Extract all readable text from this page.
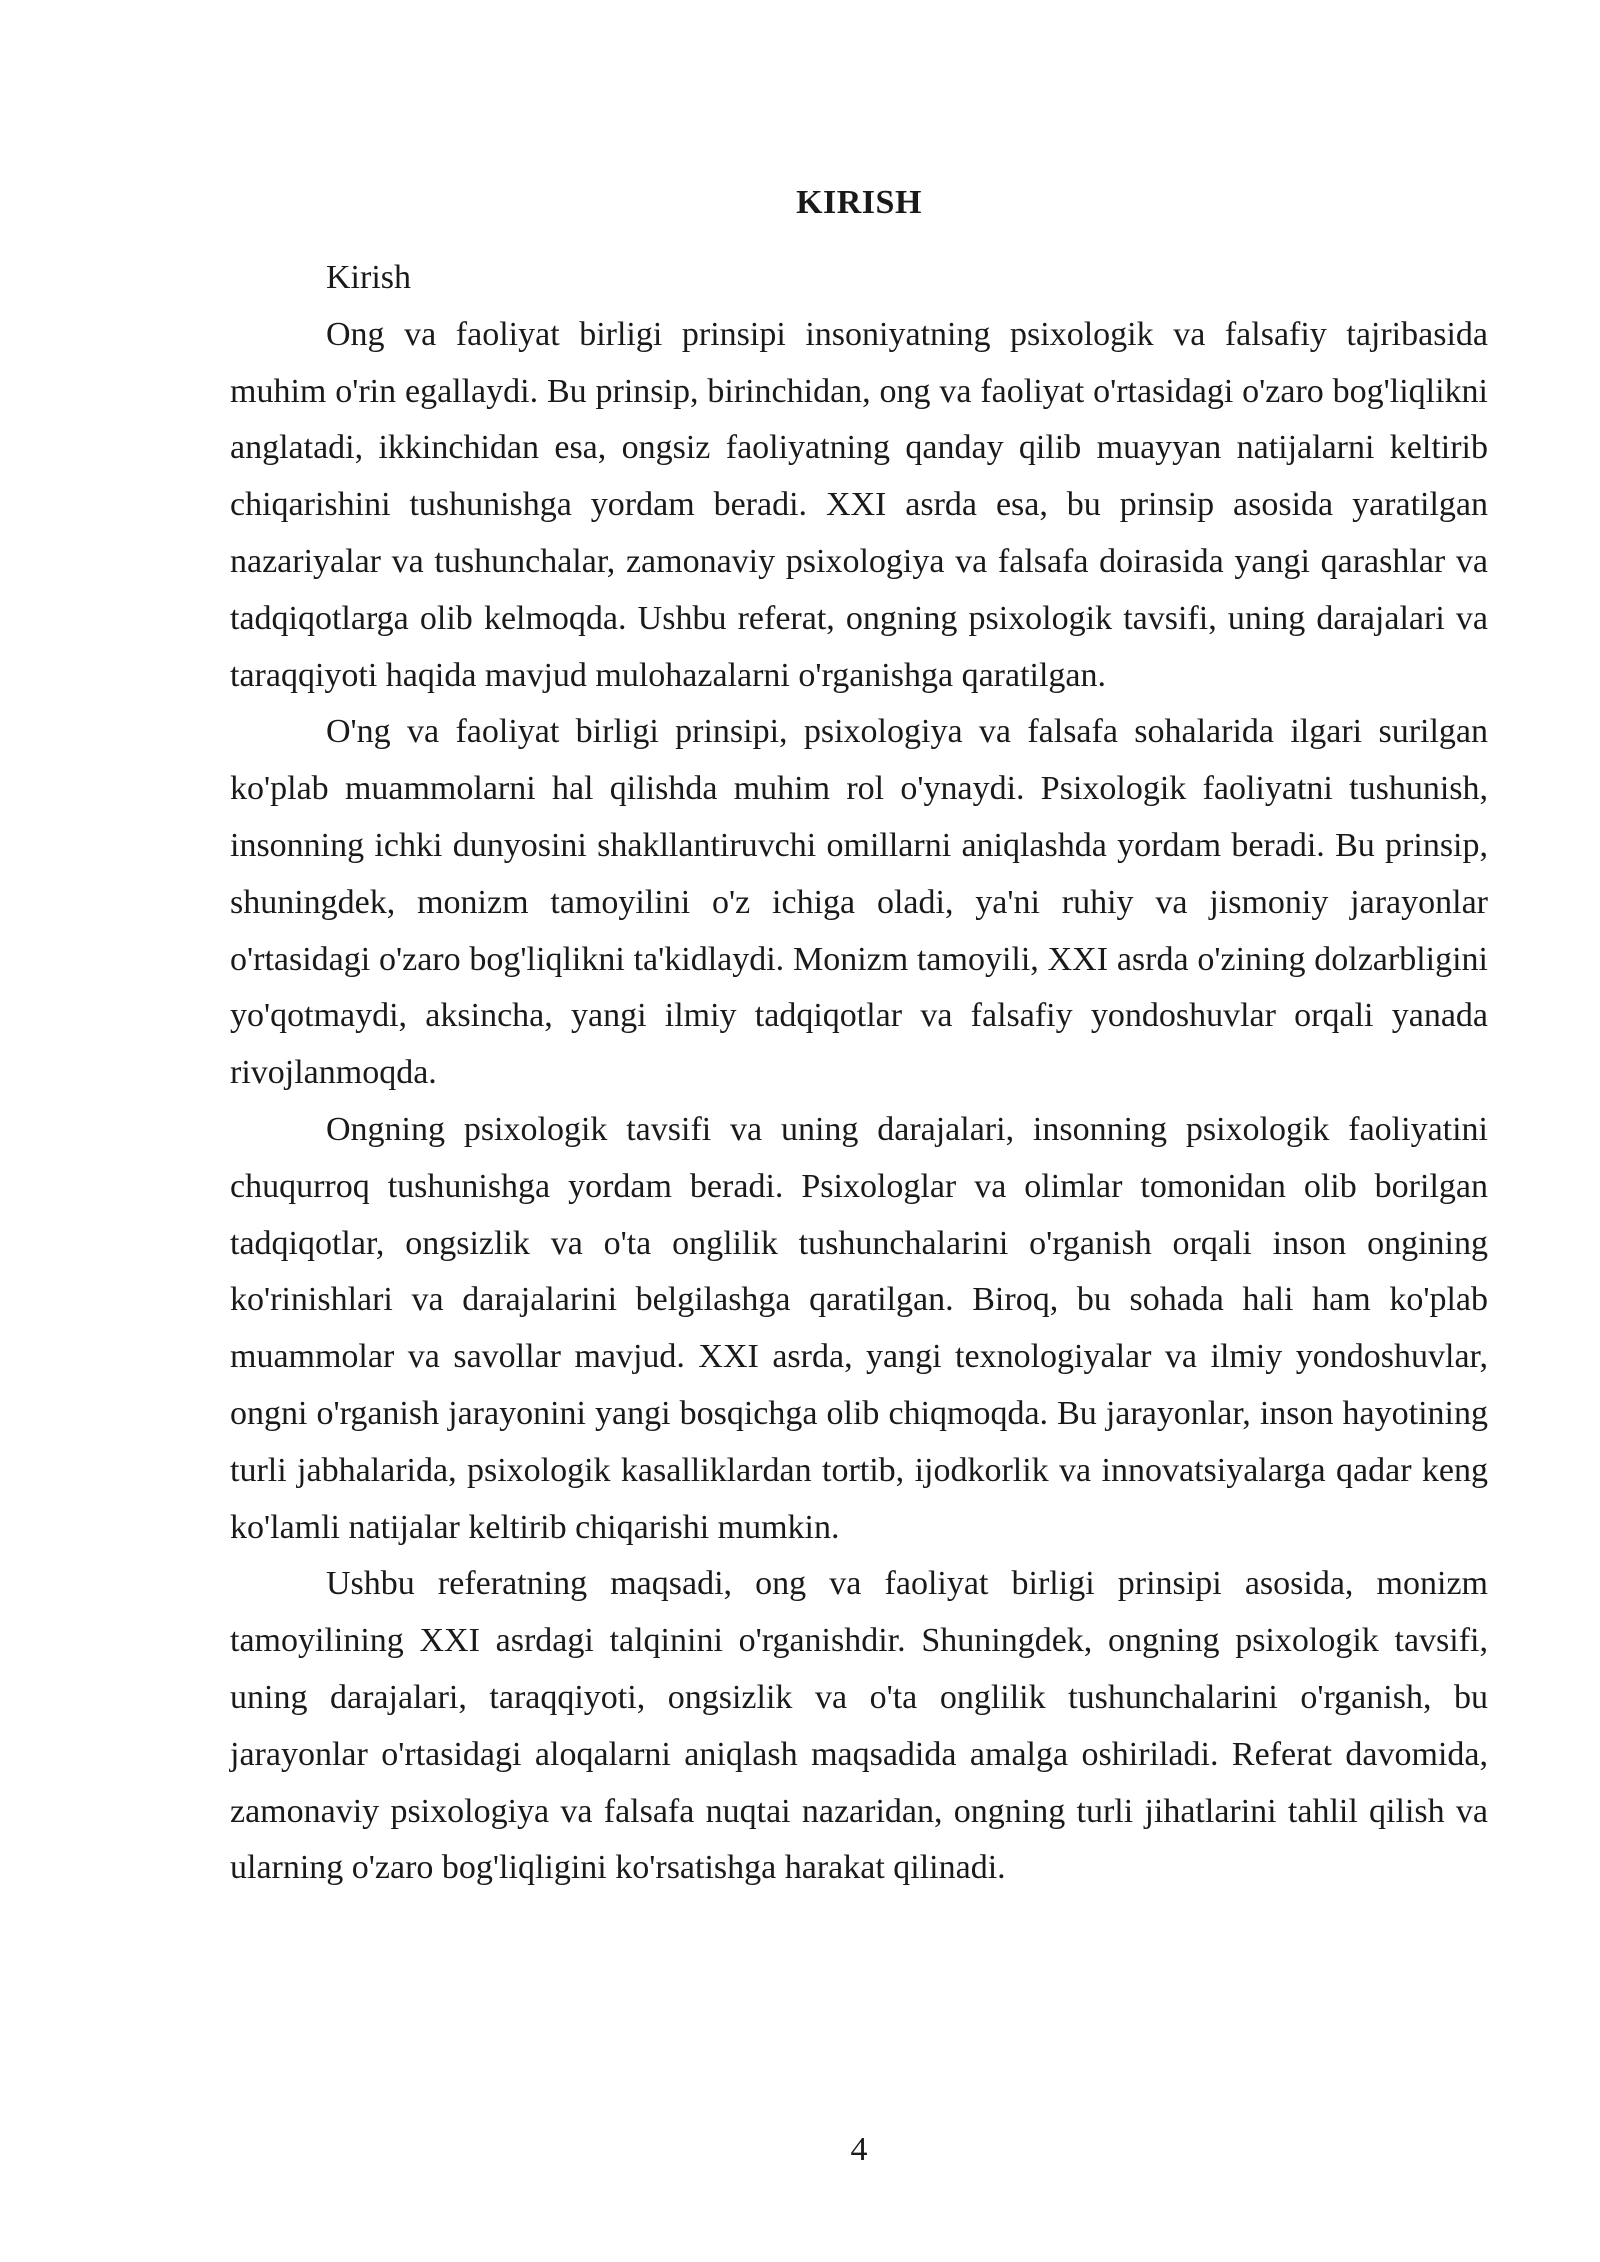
KIRISH

Kirish

Ong va faoliyat birligi prinsipi insoniyatning psixologik va falsafiy tajribasida muhim o'rin egallaydi. Bu prinsip, birinchidan, ong va faoliyat o'rtasidagi o'zaro bog'liqlikni anglatadi, ikkinchidan esa, ongsiz faoliyatning qanday qilib muayyan natijalarni keltirib chiqarishini tushunishga yordam beradi. XXI asrda esa, bu prinsip asosida yaratilgan nazariyalar va tushunchalar, zamonaviy psixologiya va falsafa doirasida yangi qarashlar va tadqiqotlarga olib kelmoqda. Ushbu referat, ongning psixologik tavsifi, uning darajalari va taraqqiyoti haqida mavjud mulohazalarni o'rganishga qaratilgan.

O'ng va faoliyat birligi prinsipi, psixologiya va falsafa sohalarida ilgari surilgan ko'plab muammolarni hal qilishda muhim rol o'ynaydi. Psixologik faoliyatni tushunish, insonning ichki dunyosini shakllantiruvchi omillarni aniqlashda yordam beradi. Bu prinsip, shuningdek, monizm tamoyilini o'z ichiga oladi, ya'ni ruhiy va jismoniy jarayonlar o'rtasidagi o'zaro bog'liqlikni ta'kidlaydi. Monizm tamoyili, XXI asrda o'zining dolzarbligini yo'qotmaydi, aksincha, yangi ilmiy tadqiqotlar va falsafiy yondoshuvlar orqali yanada rivojlanmoqda.

Ongning psixologik tavsifi va uning darajalari, insonning psixologik faoliyatini chuqurroq tushunishga yordam beradi. Psixologlar va olimlar tomonidan olib borilgan tadqiqotlar, ongsizlik va o'ta onglilik tushunchalarini o'rganish orqali inson ongining ko'rinishlari va darajalarini belgilashga qaratilgan. Biroq, bu sohada hali ham ko'plab muammolar va savollar mavjud. XXI asrda, yangi texnologiyalar va ilmiy yondoshuvlar, ongni o'rganish jarayonini yangi bosqichga olib chiqmoqda. Bu jarayonlar, inson hayotining turli jabhalarida, psixologik kasalliklardan tortib, ijodkorlik va innovatsiyalarga qadar keng ko'lamli natijalar keltirib chiqarishi mumkin.

Ushbu referatning maqsadi, ong va faoliyat birligi prinsipi asosida, monizm tamoyilining XXI asrdagi talqinini o'rganishdir. Shuningdek, ongning psixologik tavsifi, uning darajalari, taraqqiyoti, ongsizlik va o'ta onglilik tushunchalarini o'rganish, bu jarayonlar o'rtasidagi aloqalarni aniqlash maqsadida amalga oshiriladi. Referat davomida, zamonaviy psixologiya va falsafa nuqtai nazaridan, ongning turli jihatlarini tahlil qilish va ularning o'zaro bog'liqligini ko'rsatishga harakat qilinadi.

4
